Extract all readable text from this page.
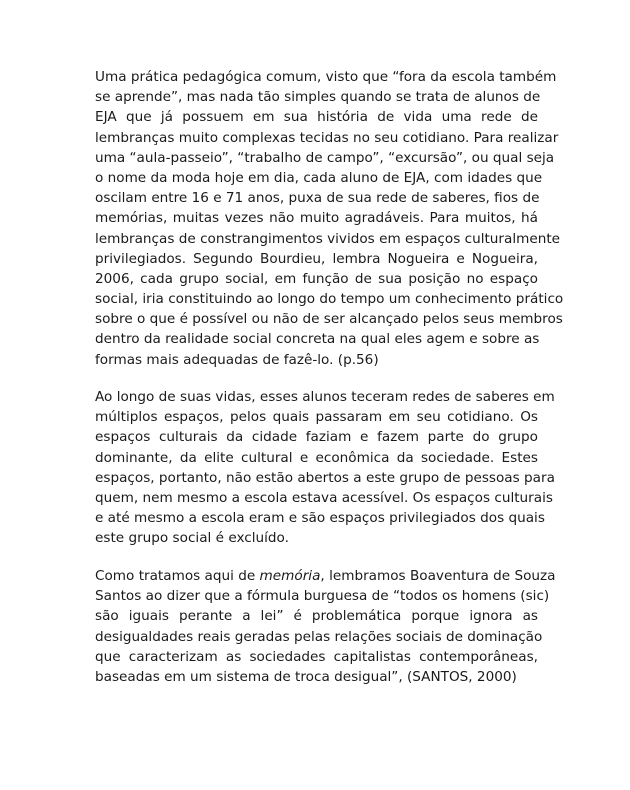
Uma prática pedagógica comum, visto que “fora da escola também
se aprende”, mas nada tão simples quando se trata de alunos de
EJA que já possuem em sua história de vida uma rede de
lembranças muito complexas tecidas no seu cotidiano. Para realizar
uma “aula-passeio”, “trabalho de campo”, “excursão”, ou qual seja
o nome da moda hoje em dia, cada aluno de EJA, com idades que
oscilam entre 16 e 71 anos, puxa de sua rede de saberes, fios de
memórias, muitas vezes não muito agradáveis. Para muitos, há
lembranças de constrangimentos vividos em espaços culturalmente
privilegiados. Segundo Bourdieu, lembra Nogueira e Nogueira,
2006, cada grupo social, em função de sua posição no espaço
social, iria constituindo ao longo do tempo um conhecimento prático
sobre o que é possível ou não de ser alcançado pelos seus membros
dentro da realidade social concreta na qual eles agem e sobre as
formas mais adequadas de fazê-lo. (p.56)
Ao longo de suas vidas, esses alunos teceram redes de saberes em
múltiplos espaços, pelos quais passaram em seu cotidiano. Os
espaços culturais da cidade faziam e fazem parte do grupo
dominante, da elite cultural e econômica da sociedade. Estes
espaços, portanto, não estão abertos a este grupo de pessoas para
quem, nem mesmo a escola estava acessível. Os espaços culturais
e até mesmo a escola eram e são espaços privilegiados dos quais
este grupo social é excluído.
Como tratamos aqui de memória, lembramos Boaventura de Souza
Santos ao dizer que a fórmula burguesa de “todos os homens (sic)
são iguais perante a lei” é problemática porque ignora as
desigualdades reais geradas pelas relações sociais de dominação
que caracterizam as sociedades capitalistas contemporâneas,
baseadas em um sistema de troca desigual”, (SANTOS, 2000)
